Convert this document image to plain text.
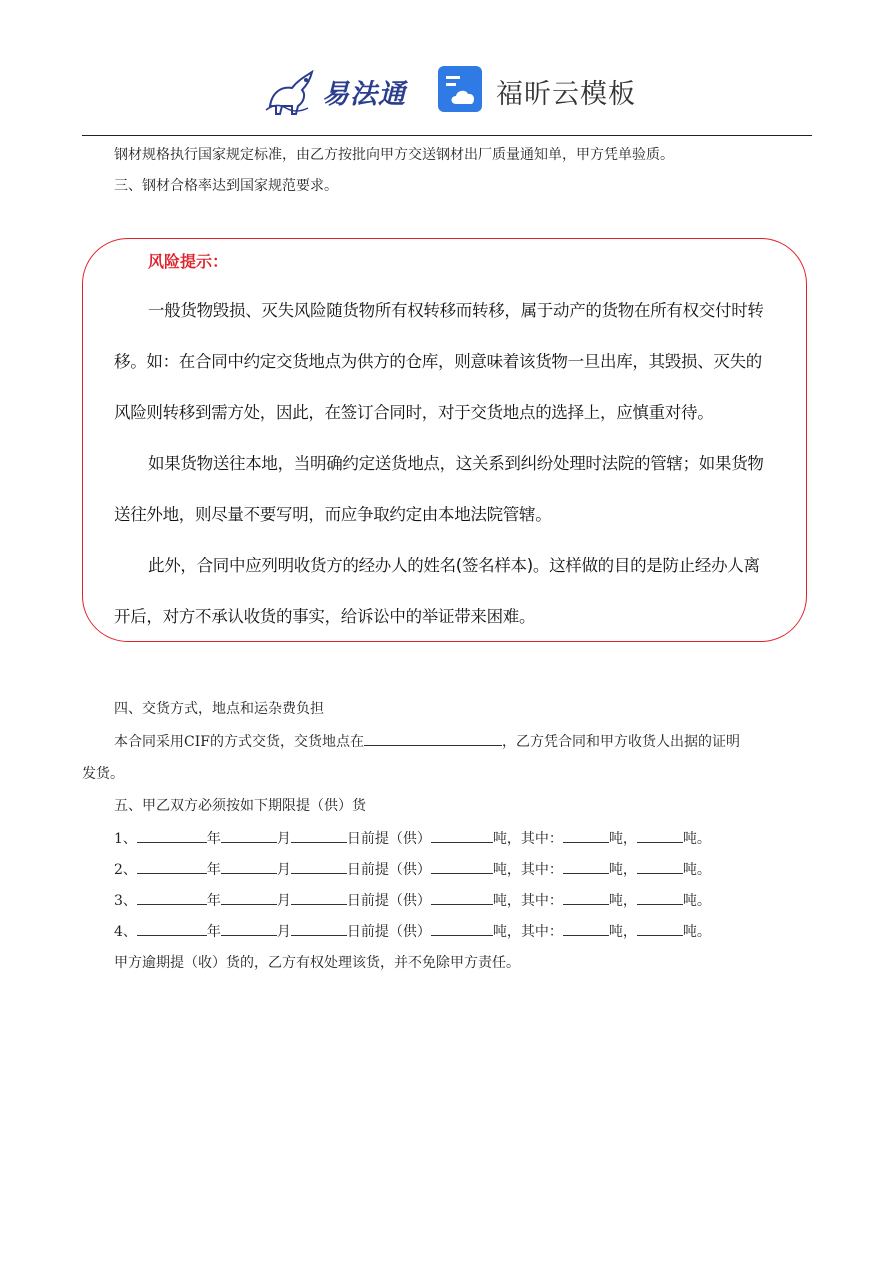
易法通	福昕云模板
钢材规格执行国家规定标准，由乙方按批向甲方交送钢材出厂质量通知单，甲方凭单验质。
三、钢材合格率达到国家规范要求。
风险提示：
一般货物毁损、灭失风险随货物所有权转移而转移，属于动产的货物在所有权交付时转
移。如：在合同中约定交货地点为供方的仓库，则意味着该货物一旦出库，其毁损、灭失的
风险则转移到需方处，因此，在签订合同时，对于交货地点的选择上，应慎重对待。
如果货物送往本地，当明确约定送货地点，这关系到纠纷处理时法院的管辖；如果货物
送往外地，则尽量不要写明，而应争取约定由本地法院管辖。
此外，合同中应列明收货方的经办人的姓名(签名样本)。这样做的目的是防止经办人离
开后，对方不承认收货的事实，给诉讼中的举证带来困难。
四、交货方式，地点和运杂费负担
本合同采用CIF的方式交货，交货地点在	，乙方凭合同和甲方收货人出据的证明
发货。
五、甲乙双方必须按如下期限提（供）货
1、	年	月	日前提（供）	吨，其中：	吨，	吨。
2、	年	月	日前提（供）	吨，其中：	吨，	吨。
3、	年	月	日前提（供）	吨，其中：	吨，	吨。
4、	年	月	日前提（供）	吨，其中：	吨，	吨。
甲方逾期提（收）货的，乙方有权处理该货，并不免除甲方责任。
